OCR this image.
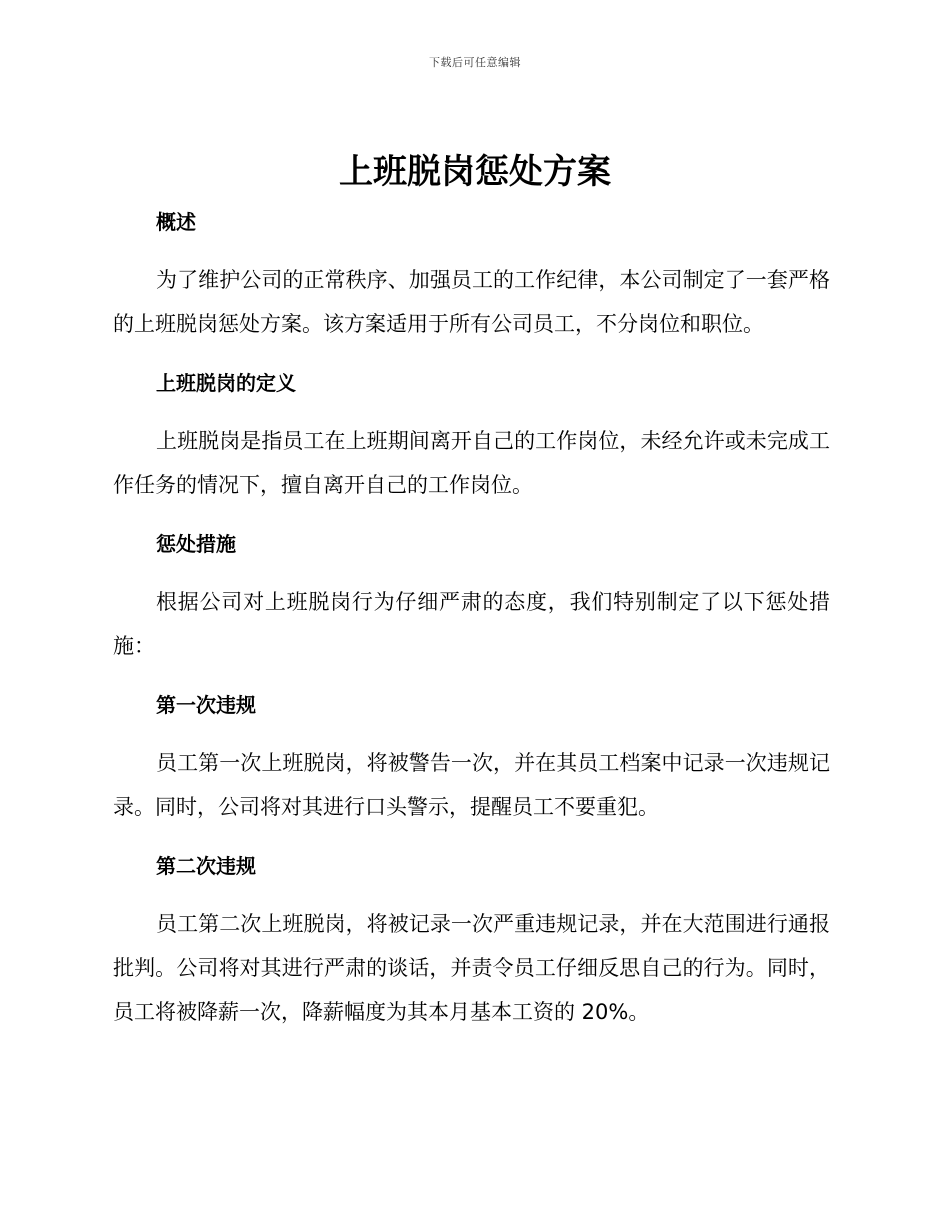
下载后可任意编辑
上班脱岗惩处方案
概述

为了维护公司的正常秩序、加强员工的工作纪律，本公司制定了一套严格的上班脱岗惩处方案。该方案适用于所有公司员工，不分岗位和职位。

上班脱岗的定义

上班脱岗是指员工在上班期间离开自己的工作岗位，未经允许或未完成工作任务的情况下，擅自离开自己的工作岗位。

惩处措施

根据公司对上班脱岗行为仔细严肃的态度，我们特别制定了以下惩处措施：

第一次违规

员工第一次上班脱岗，将被警告一次，并在其员工档案中记录一次违规记录。同时，公司将对其进行口头警示，提醒员工不要重犯。

第二次违规

员工第二次上班脱岗，将被记录一次严重违规记录，并在大范围进行通报批判。公司将对其进行严肃的谈话，并责令员工仔细反思自己的行为。同时，员工将被降薪一次，降薪幅度为其本月基本工资的 20%。
